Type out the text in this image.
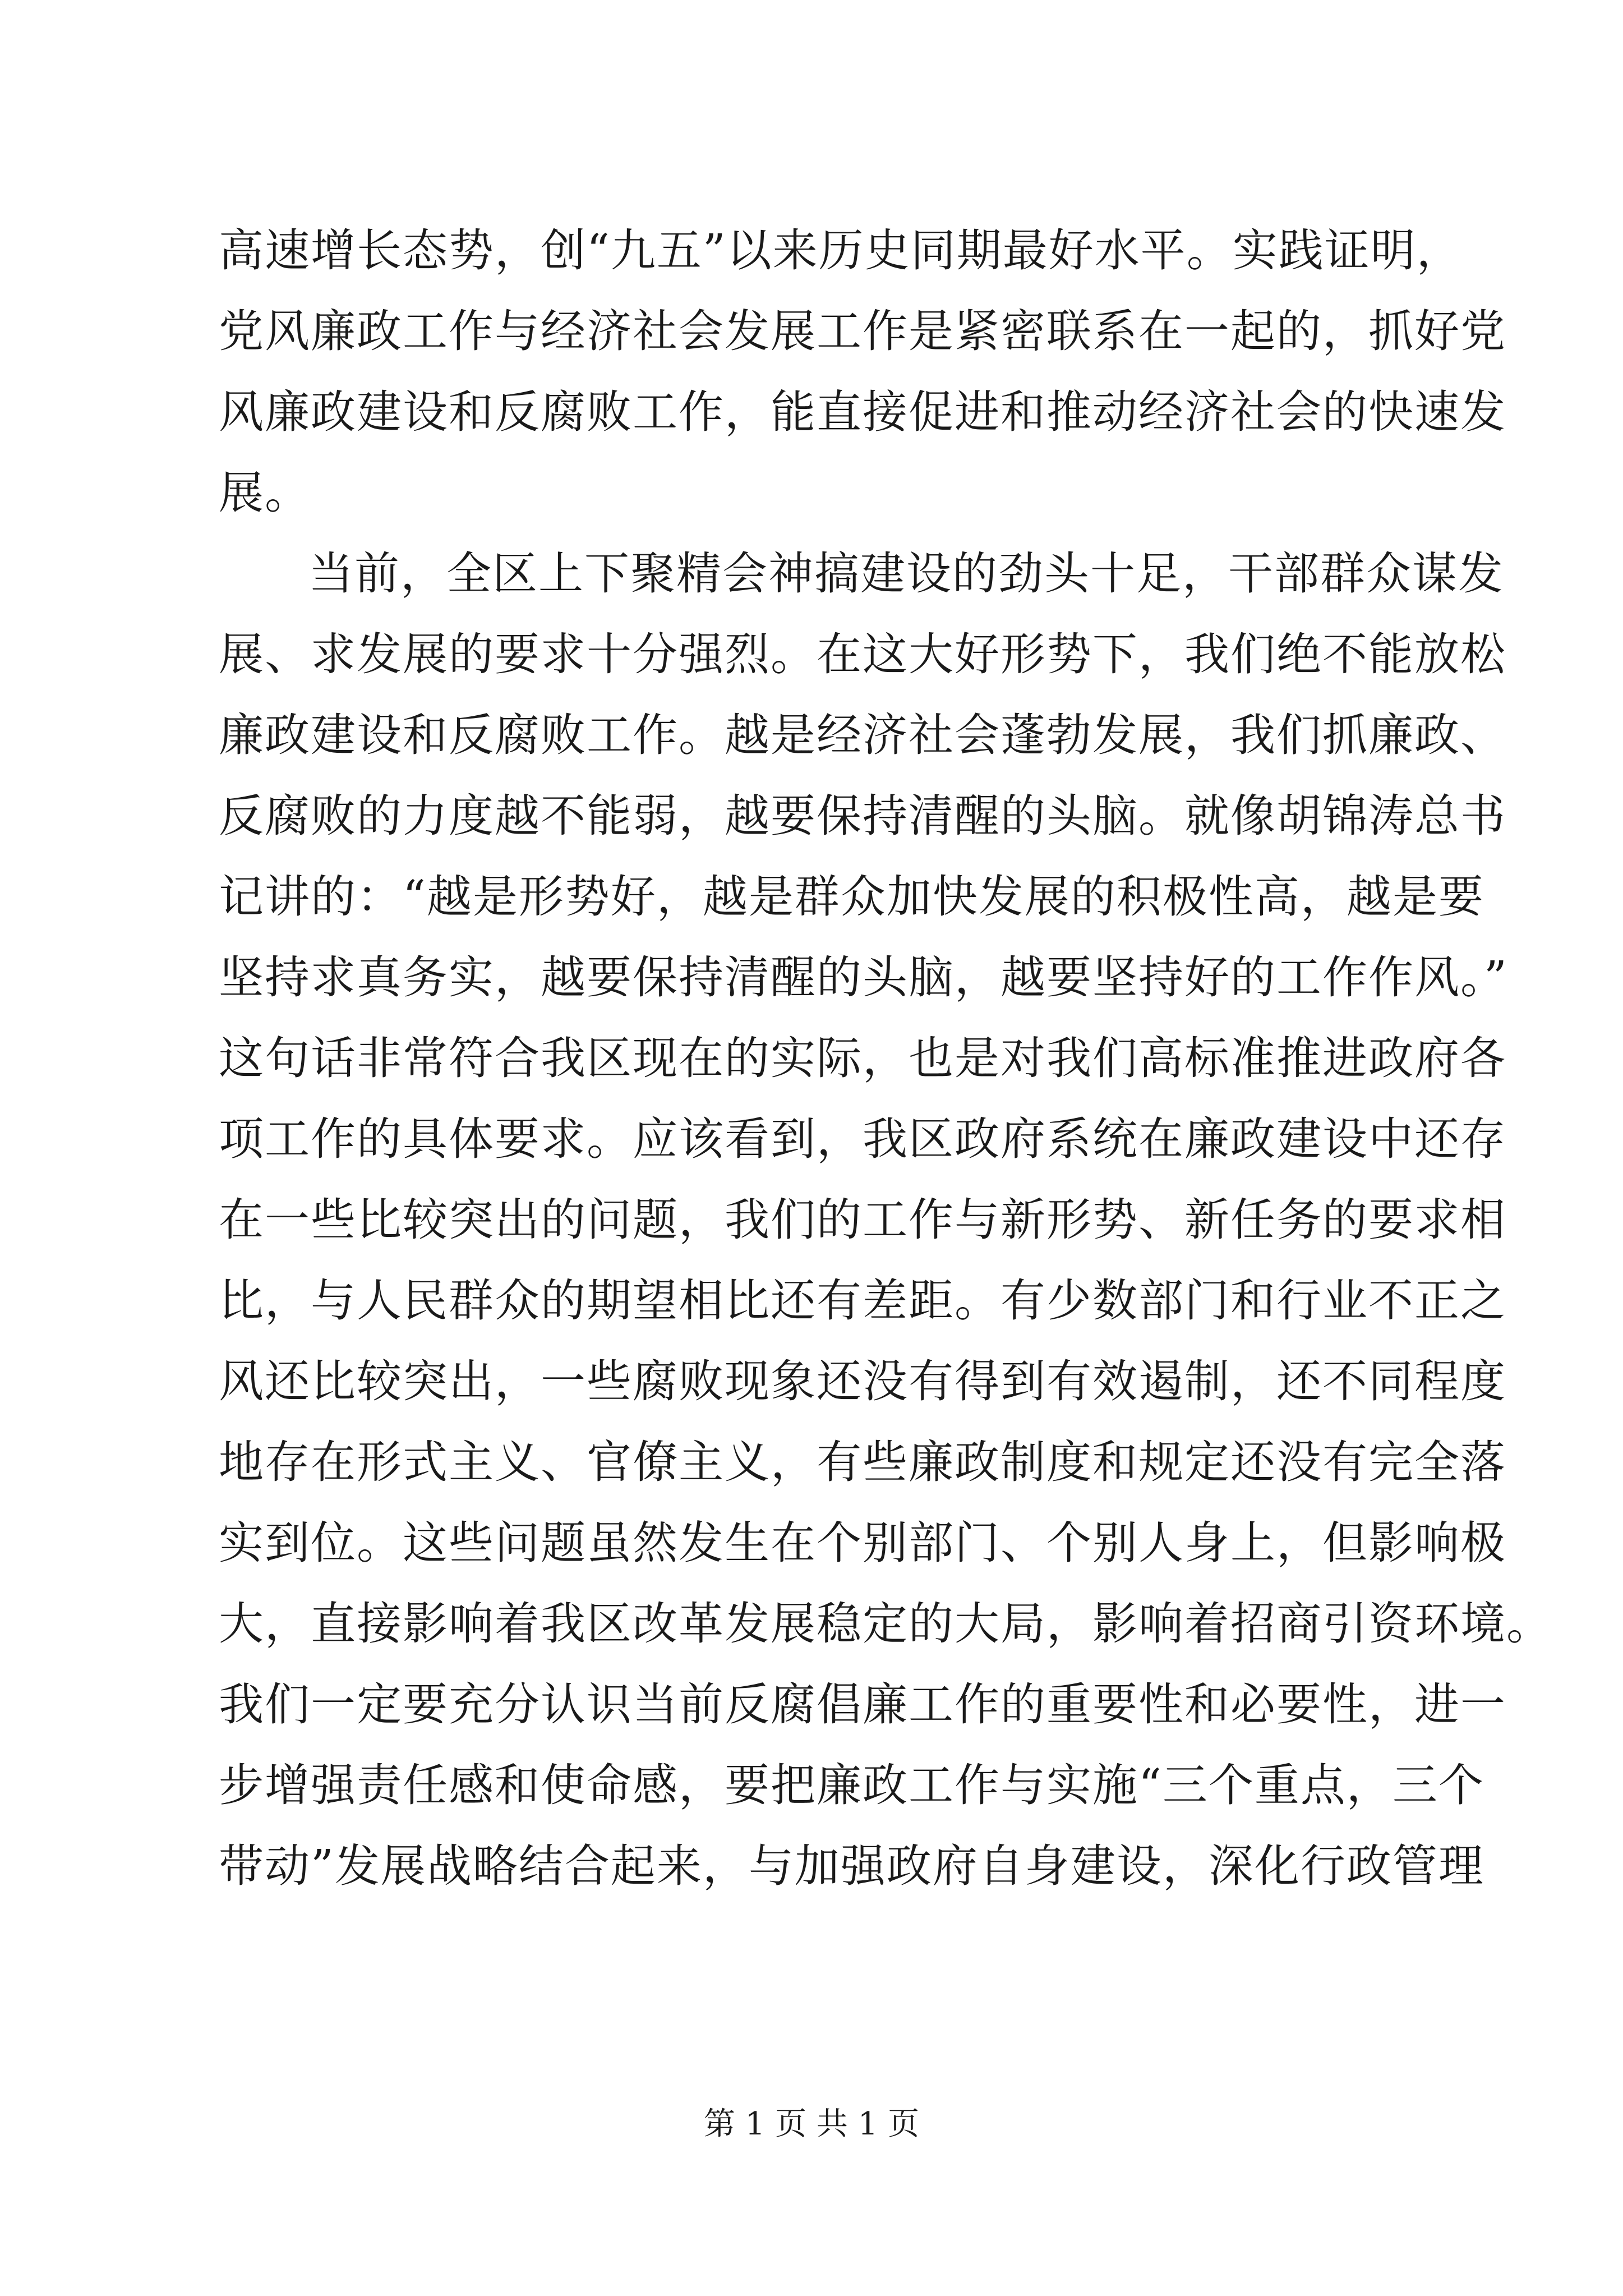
高速增长态势，创“九五”以来历史同期最好水平。实践证明，
党风廉政工作与经济社会发展工作是紧密联系在一起的，抓好党
风廉政建设和反腐败工作，能直接促进和推动经济社会的快速发
展。
当前，全区上下聚精会神搞建设的劲头十足，干部群众谋发
展、求发展的要求十分强烈。在这大好形势下，我们绝不能放松
廉政建设和反腐败工作。越是经济社会蓬勃发展，我们抓廉政、
反腐败的力度越不能弱，越要保持清醒的头脑。就像胡锦涛总书
记讲的：“越是形势好，越是群众加快发展的积极性高，越是要
坚持求真务实，越要保持清醒的头脑，越要坚持好的工作作风。”
这句话非常符合我区现在的实际，也是对我们高标准推进政府各
项工作的具体要求。应该看到，我区政府系统在廉政建设中还存
在一些比较突出的问题，我们的工作与新形势、新任务的要求相
比，与人民群众的期望相比还有差距。有少数部门和行业不正之
风还比较突出，一些腐败现象还没有得到有效遏制，还不同程度
地存在形式主义、官僚主义，有些廉政制度和规定还没有完全落
实到位。这些问题虽然发生在个别部门、个别人身上，但影响极
大，直接影响着我区改革发展稳定的大局，影响着招商引资环境。
我们一定要充分认识当前反腐倡廉工作的重要性和必要性，进一
步增强责任感和使命感，要把廉政工作与实施“三个重点，三个
带动”发展战略结合起来，与加强政府自身建设，深化行政管理
第 1 页 共 1 页
